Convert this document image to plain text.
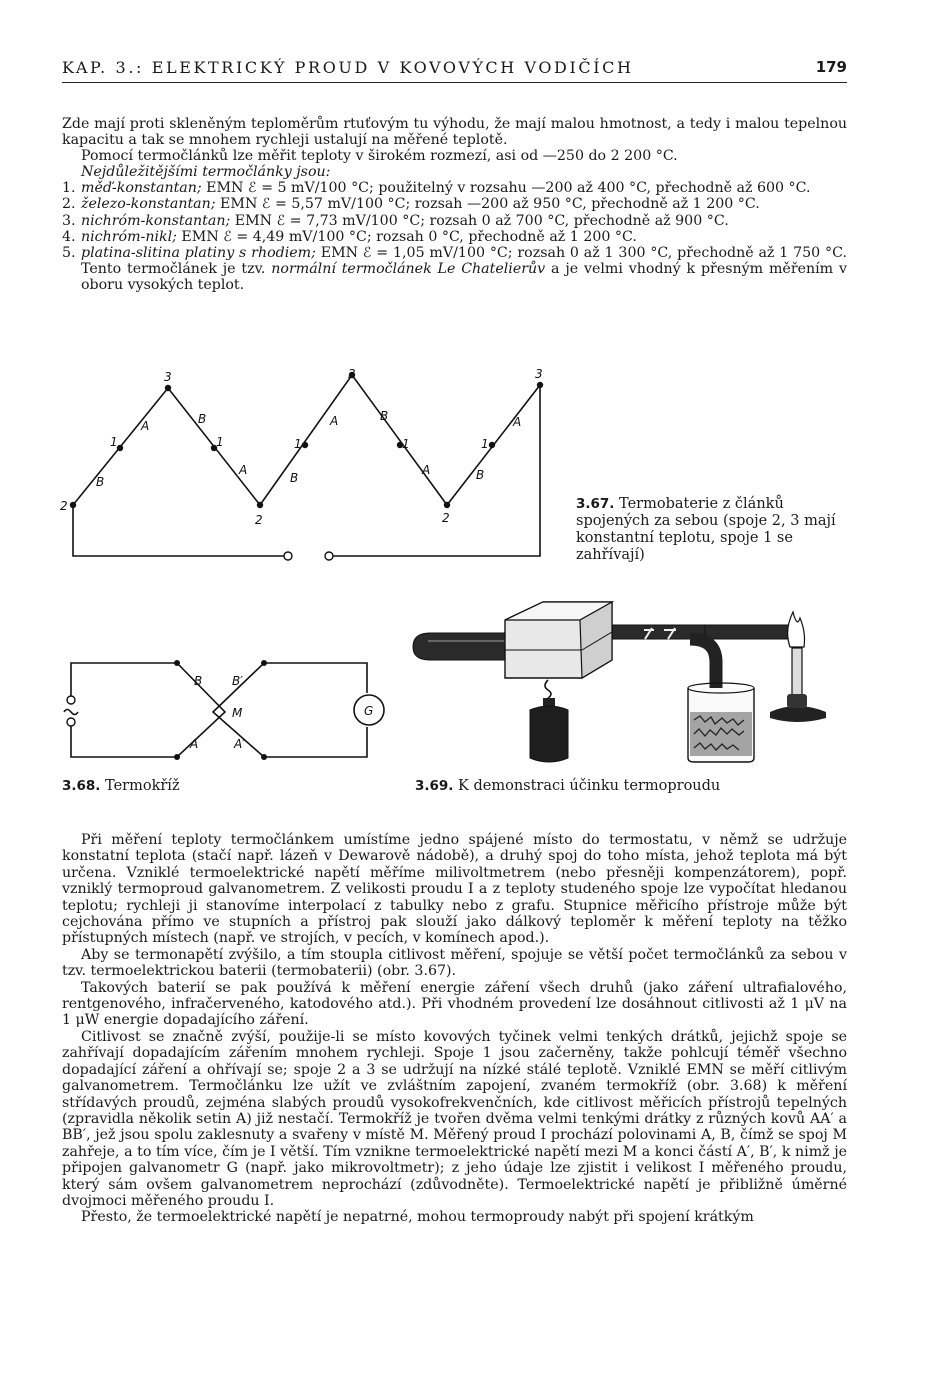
KAP. 3.: ELEKTRICKÝ PROUD V KOVOVÝCH VODIČÍCH	179

Zde mají proti skleněným teploměrům rtuťovým tu výhodu, že mají malou hmotnost, a tedy i malou tepelnou kapacitu a tak se mnohem rychleji ustalují na měřené teplotě.

Pomocí termočlánků lze měřit teploty v širokém rozmezí, asi od —250 do 2 200 °C.

Nejdůležitějšími termočlánky jsou:

1. měď-konstantan; EMN ℰ = 5 mV/100 °C; použitelný v rozsahu —200 až 400 °C, přechodně až 600 °C.
2. železo-konstantan; EMN ℰ = 5,57 mV/100 °C; rozsah —200 až 950 °C, přechodně až 1 200 °C.
3. nichróm-konstantan; EMN ℰ = 7,73 mV/100 °C; rozsah 0 až 700 °C, přechodně až 900 °C.
4. nichróm-nikl; EMN ℰ = 4,49 mV/100 °C; rozsah 0 °C, přechodně až 1 200 °C.
5. platina-slitina platiny s rhodiem; EMN ℰ = 1,05 mV/100 °C; rozsah 0 až 1 300 °C, přechodně až 1 750 °C. Tento termočlánek je tzv. normální termočlánek Le Chatelierův a je velmi vhodný k přesným měřením v oboru vysokých teplot.
3	3	3
2
2	2
1	1	1	1	1
A	B
B
A
B
A	B
A	B
A
3.67. Termobaterie z článků spojených za sebou (spoje 2, 3 mají konstantní teplotu, spoje 1 se zahřívají)
B B′
M
A	A′
G
3.68. Termokříž	3.69. K demonstraci účinku termoproudu

Při měření teploty termočlánkem umístíme jedno spájené místo do termostatu, v němž se udržuje konstatní teplota (stačí např. lázeň v Dewarově nádobě), a druhý spoj do toho místa, jehož teplota má být určena. Vzniklé termoelektrické napětí měříme milivoltmetrem (nebo přesněji kompenzátorem), popř. vzniklý termoproud galvanometrem. Z velikosti proudu I a z teploty studeného spoje lze vypočítat hledanou teplotu; rychleji ji stanovíme interpolací z tabulky nebo z grafu. Stupnice měřicího přístroje může být cejchována přímo ve stupních a přístroj pak slouží jako dálkový teploměr k měření teploty na těžko přístupných místech (např. ve strojích, v pecích, v komínech apod.).

Aby se termonapětí zvýšilo, a tím stoupla citlivost měření, spojuje se větší počet termočlánků za sebou v tzv. termoelektrickou baterii (termobaterii) (obr. 3.67).

Takových baterií se pak používá k měření energie záření všech druhů (jako záření ultrafialového, rentgenového, infračerveného, katodového atd.). Při vhodném provedení lze dosáhnout citlivosti až 1 μV na 1 μW energie dopadajícího záření.

Citlivost se značně zvýší, použije-li se místo kovových tyčinek velmi tenkých drátků, jejichž spoje se zahřívají dopadajícím zářením mnohem rychleji. Spoje 1 jsou začerněny, takže pohlcují téměř všechno dopadající záření a ohřívají se; spoje 2 a 3 se udržují na nízké stálé teplotě. Vzniklé EMN se měří citlivým galvanometrem. Termočlánku lze užít ve zvláštním zapojení, zvaném termokříž (obr. 3.68) k měření střídavých proudů, zejména slabých proudů vysokofrekvenčních, kde citlivost měřicích přístrojů tepelných (zpravidla několik setin A) již nestačí. Termokříž je tvořen dvěma velmi tenkými drátky z různých kovů AA′ a BB′, jež jsou spolu zaklesnuty a svařeny v místě M. Měřený proud I prochází polovinami A, B, čímž se spoj M zahřeje, a to tím více, čím je I větší. Tím vznikne termoelektrické napětí mezi M a konci částí A′, B′, k nimž je připojen galvanometr G (např. jako mikrovoltmetr); z jeho údaje lze zjistit i velikost I měřeného proudu, který sám ovšem galvanometrem neprochází (zdůvodněte). Termoelektrické napětí je přibližně úměrné dvojmoci měřeného proudu I.

Přesto, že termoelektrické napětí je nepatrné, mohou termoproudy nabýt při spojení krátkým
